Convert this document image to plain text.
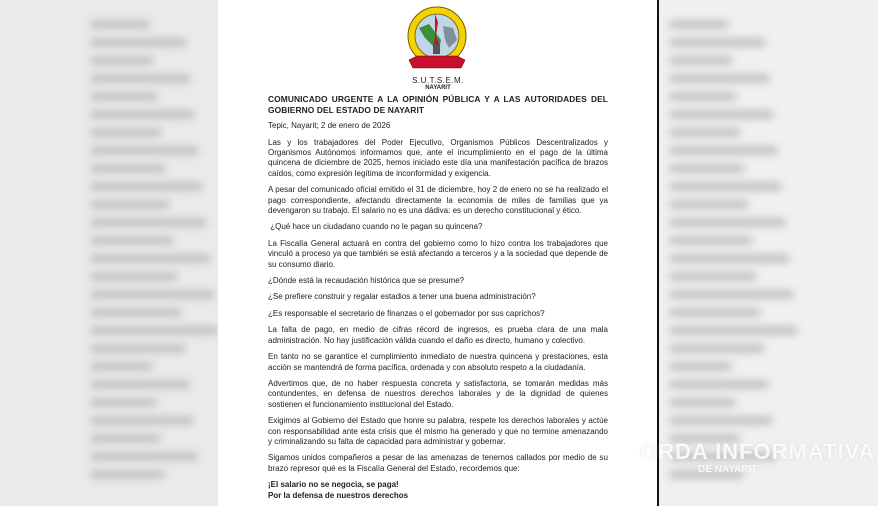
S.U.T.S.E.M.
NAYARIT
COMUNICADO URGENTE A LA OPINIÓN PÚBLICA Y A LAS AUTORIDADES DEL GOBIERNO DEL ESTADO DE NAYARIT
Tepic, Nayarit; 2 de enero de 2026
Las y los trabajadores del Poder Ejecutivo, Organismos Públicos Descentralizados y Organismos Autónomos informamos que, ante el incumplimiento en el pago de la última quincena de diciembre de 2025, hemos iniciado este día una manifestación pacífica de brazos caídos, como expresión legítima de inconformidad y exigencia.
A pesar del comunicado oficial emitido el 31 de diciembre, hoy 2 de enero no se ha realizado el pago correspondiente, afectando directamente la economía de miles de familias que ya devengaron su trabajo. El salario no es una dádiva: es un derecho constitucional y ético.
¿Qué hace un ciudadano cuando no le pagan su quincena?
La Fiscalía General actuará en contra del gobierno como lo hizo contra los trabajadores que vinculó a proceso ya que también se está afectando a terceros y a la sociedad que depende de su consumo diario.
¿Dónde está la recaudación histórica que se presume?
¿Se prefiere construir y regalar estadios a tener una buena administración?
¿Es responsable el secretario de finanzas o el gobernador por sus caprichos?
La falta de pago, en medio de cifras récord de ingresos, es prueba clara de una mala administración. No hay justificación válida cuando el daño es directo, humano y colectivo.
En tanto no se garantice el cumplimiento inmediato de nuestra quincena y prestaciones, esta acción se mantendrá de forma pacífica, ordenada y con absoluto respeto a la ciudadanía.
Advertimos que, de no haber respuesta concreta y satisfactoria, se tomarán medidas más contundentes, en defensa de nuestros derechos laborales y de la dignidad de quienes sostienen el funcionamiento institucional del Estado.
Exigimos al Gobierno del Estado que honre su palabra, respete los derechos laborales y actúe con responsabilidad ante esta crisis que él mismo ha generado y que no termine amenazando y criminalizando su falta de capacidad para administrar y gobernar.
Sigamos unidos compañeros a pesar de las amenazas de tenernos callados por medio de su brazo represor qué es la Fiscalía General del Estado, recordemos que:
¡El salario no se negocia, se paga!
Por la defensa de nuestros derechos
ORDA INFORMATIVA
DE NAYARIT
